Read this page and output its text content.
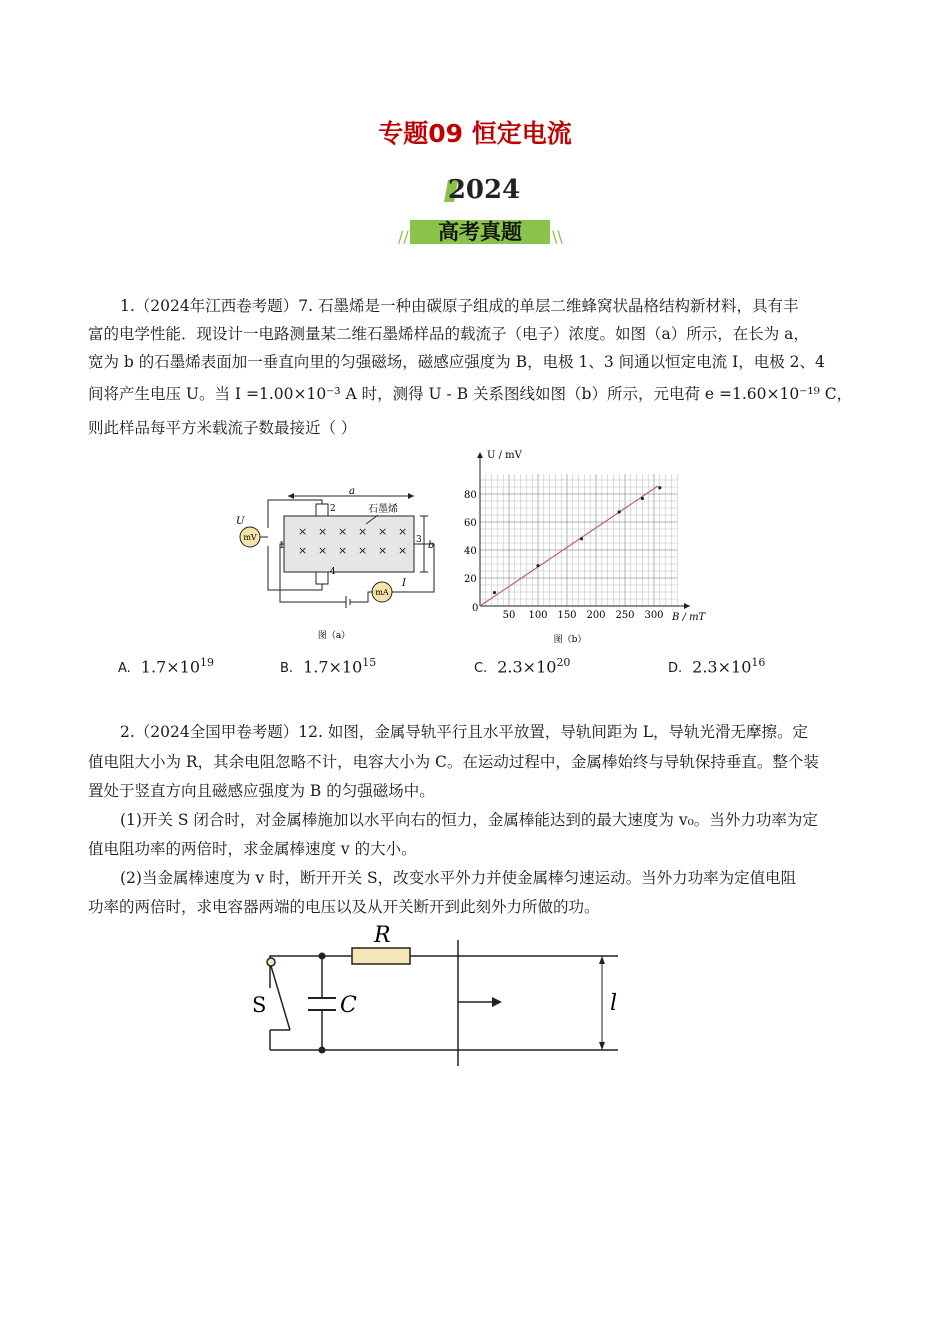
专题09 恒定电流
2024
//	\\
高考真题

1.（2024年江西卷考题）7. 石墨烯是一种由碳原子组成的单层二维蜂窝状晶格结构新材料，具有丰

富的电学性能．现设计一电路测量某二维石墨烯样品的载流子（电子）浓度。如图（a）所示，在长为 a，

宽为 b 的石墨烯表面加一垂直向里的匀强磁场，磁感应强度为 B，电极 1、3 间通以恒定电流 I，电极 2、4

间将产生电压 U。当 I =1.00×10⁻³ A 时，测得 U - B 关系图线如图（b）所示，元电荷 e =1.60×10⁻¹⁹ C，

则此样品每平方米载流子数最接近（ ）

a
石墨烯
× × × × × ×
× × × × × × b
1
2
3
4
mV
U
mA
I
图（a）
U / mV
B / mT
0
20
40
60
80
50 100 150 200 250 300
图（b）
A. $1.7\times 10^{19}$	B. $1.7\times 10^{15}$	C. $2.3\times 10^{20}$	D. $2.3\times 10^{16}$

2.（2024全国甲卷考题）12. 如图，金属导轨平行且水平放置，导轨间距为 L，导轨光滑无摩擦。定

值电阻大小为 R，其余电阻忽略不计，电容大小为 C。在运动过程中，金属棒始终与导轨保持垂直。整个装

置处于竖直方向且磁感应强度为 B 的匀强磁场中。

(1)开关 S 闭合时，对金属棒施加以水平向右的恒力，金属棒能达到的最大速度为 v₀。当外力功率为定

值电阻功率的两倍时，求金属棒速度 v 的大小。

(2)当金属棒速度为 v 时，断开开关 S，改变水平外力并使金属棒匀速运动。当外力功率为定值电阻

功率的两倍时，求电容器两端的电压以及从开关断开到此刻外力所做的功。

R
S	C	l
